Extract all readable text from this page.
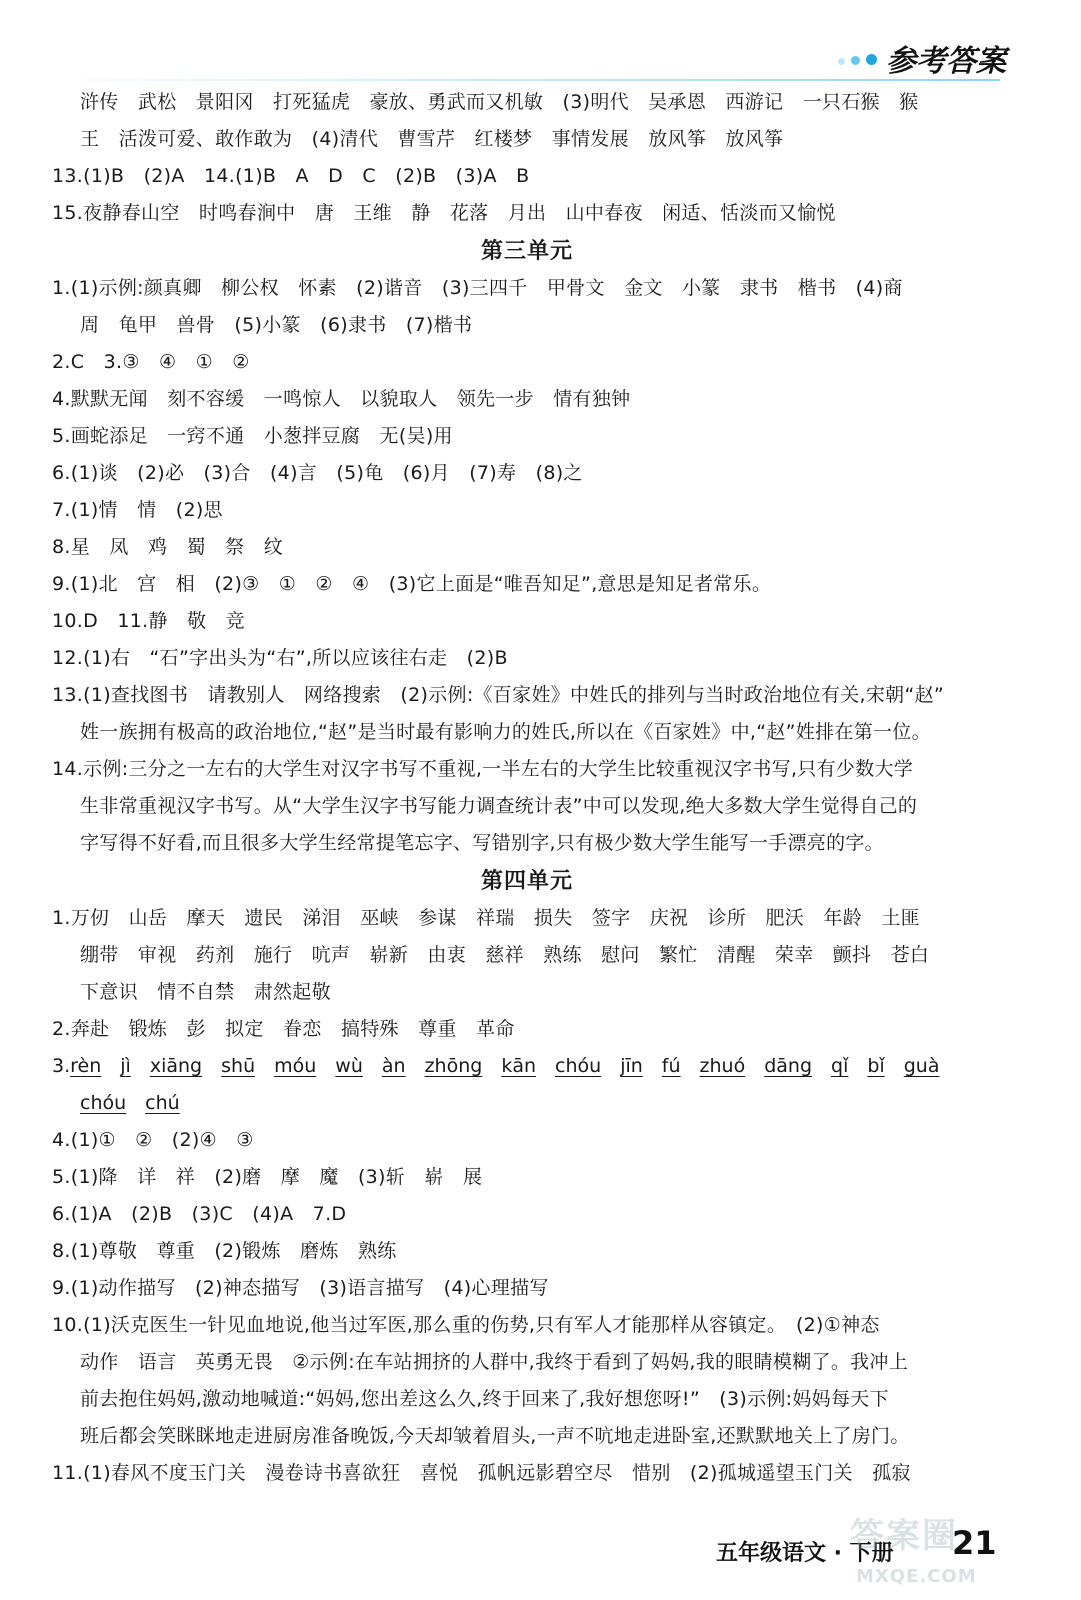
参考答案
浒传　武松　景阳冈　打死猛虎　豪放、勇武而又机敏　(3)明代　吴承恩　西游记　一只石猴　猴
王　活泼可爱、敢作敢为　(4)清代　曹雪芹　红楼梦　事情发展　放风筝　放风筝
13.(1)B　(2)A　14.(1)B　A　D　C　(2)B　(3)A　B
15.夜静春山空　时鸣春涧中　唐　王维　静　花落　月出　山中春夜　闲适、恬淡而又愉悦
第三单元
1.(1)示例:颜真卿　柳公权　怀素　(2)谐音　(3)三四千　甲骨文　金文　小篆　隶书　楷书　(4)商
周　龟甲　兽骨　(5)小篆　(6)隶书　(7)楷书
2.C　3.③　④　①　②
4.默默无闻　刻不容缓　一鸣惊人　以貌取人　领先一步　情有独钟
5.画蛇添足　一窍不通　小葱拌豆腐　无(吴)用
6.(1)谈　(2)必　(3)合　(4)言　(5)龟　(6)月　(7)寿　(8)之
7.(1)情　情　(2)思
8.星　凤　鸡　蜀　祭　纹
9.(1)北　宫　相　(2)③　①　②　④　(3)它上面是“唯吾知足”,意思是知足者常乐。
10.D　11.静　敬　竞
12.(1)右　“石”字出头为“右”,所以应该往右走　(2)B
13.(1)查找图书　请教别人　网络搜索　(2)示例:《百家姓》中姓氏的排列与当时政治地位有关,宋朝“赵”
姓一族拥有极高的政治地位,“赵”是当时最有影响力的姓氏,所以在《百家姓》中,“赵”姓排在第一位。
14.示例:三分之一左右的大学生对汉字书写不重视,一半左右的大学生比较重视汉字书写,只有少数大学
生非常重视汉字书写。从“大学生汉字书写能力调查统计表”中可以发现,绝大多数大学生觉得自己的
字写得不好看,而且很多大学生经常提笔忘字、写错别字,只有极少数大学生能写一手漂亮的字。
第四单元
1.万仞　山岳　摩天　遗民　涕泪　巫峡　参谋　祥瑞　损失　签字　庆祝　诊所　肥沃　年龄　土匪
绷带　审视　药剂　施行　吭声　崭新　由衷　慈祥　熟练　慰问　繁忙　清醒　荣幸　颤抖　苍白
下意识　情不自禁　肃然起敬
2.奔赴　锻炼　彭　拟定　眷恋　搞特殊　尊重　革命
3.rèn   jì   xiāng   shū   móu   wù   àn   zhōng   kān   chóu   jīn   fú   zhuó   dāng   qǐ   bǐ   guà
chóu   chú
4.(1)①　②　(2)④　③
5.(1)降　详　祥　(2)磨　摩　魔　(3)斩　崭　展
6.(1)A　(2)B　(3)C　(4)A　7.D
8.(1)尊敬　尊重　(2)锻炼　磨炼　熟练
9.(1)动作描写　(2)神态描写　(3)语言描写　(4)心理描写
10.(1)沃克医生一针见血地说,他当过军医,那么重的伤势,只有军人才能那样从容镇定。　(2)①神态
动作　语言　英勇无畏　②示例:在车站拥挤的人群中,我终于看到了妈妈,我的眼睛模糊了。我冲上
前去抱住妈妈,激动地喊道:“妈妈,您出差这么久,终于回来了,我好想您呀!”　(3)示例:妈妈每天下
班后都会笑眯眯地走进厨房准备晚饭,今天却皱着眉头,一声不吭地走进卧室,还默默地关上了房门。
11.(1)春风不度玉门关　漫卷诗书喜欲狂　喜悦　孤帆远影碧空尽　惜别　(2)孤城遥望玉门关　孤寂
五年级语文 · 下册
答案圈
MXQE.COM
21
